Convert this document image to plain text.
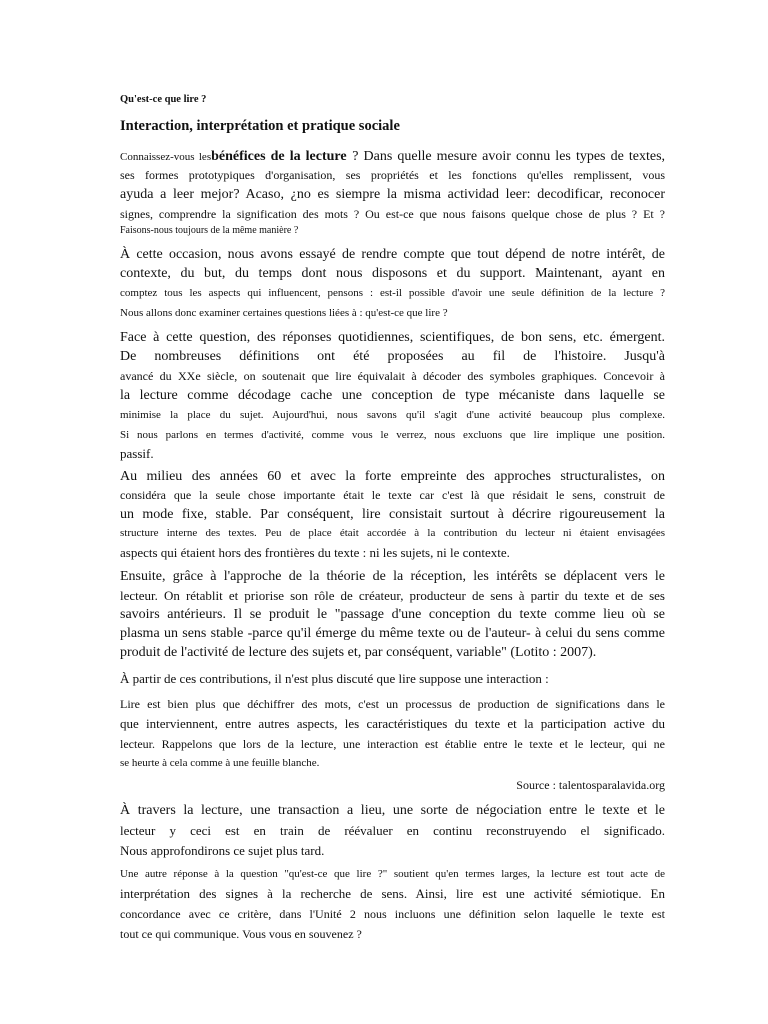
Qu'est-ce que lire ?
Interaction, interprétation et pratique sociale
Connaissez-vous lesbénéfices de la lecture ? Dans quelle mesure avoir connu les types de textes,
ses formes prototypiques d'organisation, ses propriétés et les fonctions qu'elles remplissent, vous
ayuda a leer mejor? Acaso, ¿no es siempre la misma actividad leer: decodificar, reconocer
signes, comprendre la signification des mots ? Ou est-ce que nous faisons quelque chose de plus ? Et ?
Faisons-nous toujours de la même manière ?
À cette occasion, nous avons essayé de rendre compte que tout dépend de notre intérêt, de
contexte, du but, du temps dont nous disposons et du support. Maintenant, ayant en
comptez tous les aspects qui influencent, pensons : est-il possible d'avoir une seule définition de la lecture ?
Nous allons donc examiner certaines questions liées à : qu'est-ce que lire ?
Face à cette question, des réponses quotidiennes, scientifiques, de bon sens, etc. émergent.
De nombreuses définitions ont été proposées au fil de l'histoire. Jusqu'à
avancé du XXe siècle, on soutenait que lire équivalait à décoder des symboles graphiques. Concevoir à
la lecture comme décodage cache une conception de type mécaniste dans laquelle se
minimise la place du sujet. Aujourd'hui, nous savons qu'il s'agit d'une activité beaucoup plus complexe.
Si nous parlons en termes d'activité, comme vous le verrez, nous excluons que lire implique une position.
passif.
Au milieu des années 60 et avec la forte empreinte des approches structuralistes, on
considéra que la seule chose importante était le texte car c'est là que résidait le sens, construit de
un mode fixe, stable. Par conséquent, lire consistait surtout à décrire rigoureusement la
structure interne des textes. Peu de place était accordée à la contribution du lecteur ni étaient envisagées
aspects qui étaient hors des frontières du texte : ni les sujets, ni le contexte.
Ensuite, grâce à l'approche de la théorie de la réception, les intérêts se déplacent vers le
lecteur. On rétablit et priorise son rôle de créateur, producteur de sens à partir du texte et de ses
savoirs antérieurs. Il se produit le "passage d'une conception du texte comme lieu où se
plasma un sens stable -parce qu'il émerge du même texte ou de l'auteur- à celui du sens comme
produit de l'activité de lecture des sujets et, par conséquent, variable" (Lotito : 2007).
À partir de ces contributions, il n'est plus discuté que lire suppose une interaction :
Lire est bien plus que déchiffrer des mots, c'est un processus de production de significations dans le
que interviennent, entre autres aspects, les caractéristiques du texte et la participation active du
lecteur. Rappelons que lors de la lecture, une interaction est établie entre le texte et le lecteur, qui ne
se heurte à cela comme à une feuille blanche.
Source : talentosparalavida.org
À travers la lecture, une transaction a lieu, une sorte de négociation entre le texte et le
lecteur y ceci est en train de réévaluer en continu reconstruyendo el significado.
Nous approfondirons ce sujet plus tard.
Une autre réponse à la question "qu'est-ce que lire ?" soutient qu'en termes larges, la lecture est tout acte de
interprétation des signes à la recherche de sens. Ainsi, lire est une activité sémiotique. En
concordance avec ce critère, dans l'Unité 2 nous incluons une définition selon laquelle le texte est
tout ce qui communique. Vous vous en souvenez ?
